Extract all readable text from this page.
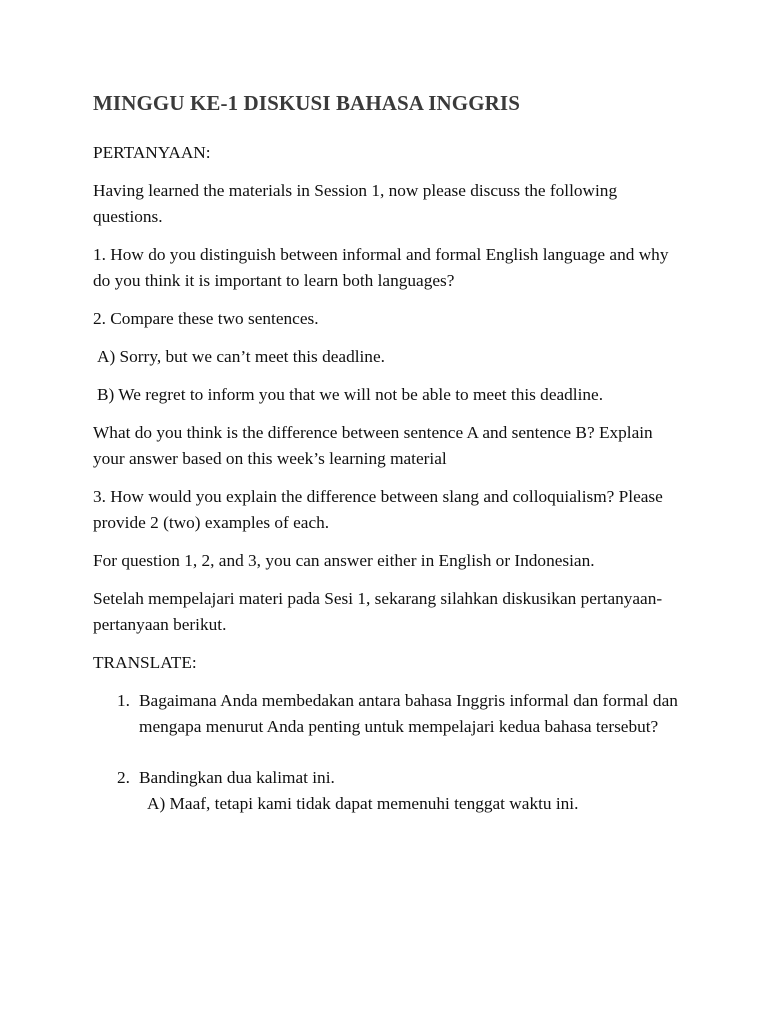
MINGGU KE-1 DISKUSI BAHASA INGGRIS

PERTANYAAN:

Having learned the materials in Session 1, now please discuss the following questions.

1. How do you distinguish between informal and formal English language and why do you think it is important to learn both languages?

2. Compare these two sentences.

A) Sorry, but we can’t meet this deadline.

B) We regret to inform you that we will not be able to meet this deadline.

What do you think is the difference between sentence A and sentence B? Explain your answer based on this week’s learning material

3. How would you explain the difference between slang and colloquialism? Please provide 2 (two) examples of each.

For question 1, 2, and 3, you can answer either in English or Indonesian.

Setelah mempelajari materi pada Sesi 1, sekarang silahkan diskusikan pertanyaan-pertanyaan berikut.

TRANSLATE:

1. Bagaimana Anda membedakan antara bahasa Inggris informal dan formal dan mengapa menurut Anda penting untuk mempelajari kedua bahasa tersebut?
2. Bandingkan dua kalimat ini.
A) Maaf, tetapi kami tidak dapat memenuhi tenggat waktu ini.
